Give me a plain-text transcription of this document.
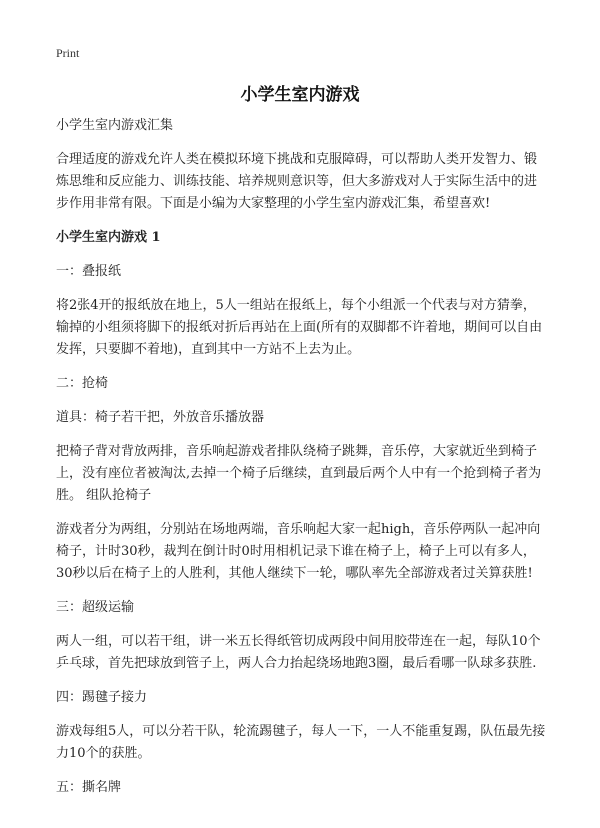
Print
小学生室内游戏

小学生室内游戏汇集

合理适度的游戏允许人类在模拟环境下挑战和克服障碍，可以帮助人类开发智力、锻炼思维和反应能力、训练技能、培养规则意识等，但大多游戏对人于实际生活中的进步作用非常有限。下面是小编为大家整理的小学生室内游戏汇集，希望喜欢!

小学生室内游戏 1

一：叠报纸

将2张4开的报纸放在地上，5人一组站在报纸上，每个小组派一个代表与对方猜拳，输掉的小组须将脚下的报纸对折后再站在上面(所有的双脚都不许着地，期间可以自由发挥，只要脚不着地)，直到其中一方站不上去为止。

二：抢椅

道具：椅子若干把，外放音乐播放器

把椅子背对背放两排，音乐响起游戏者排队绕椅子跳舞，音乐停，大家就近坐到椅子上，没有座位者被淘汰,去掉一个椅子后继续，直到最后两个人中有一个抢到椅子者为胜。 组队抢椅子

游戏者分为两组，分别站在场地两端，音乐响起大家一起high，音乐停两队一起冲向椅子，计时30秒，裁判在倒计时0时用相机记录下谁在椅子上，椅子上可以有多人，30秒以后在椅子上的人胜利，其他人继续下一轮，哪队率先全部游戏者过关算获胜!

三：超级运输

两人一组，可以若干组，讲一米五长得纸管切成两段中间用胶带连在一起，每队10个乒乓球，首先把球放到管子上，两人合力抬起绕场地跑3圈，最后看哪一队球多获胜.

四：踢毽子接力

游戏每组5人，可以分若干队，轮流踢毽子，每人一下，一人不能重复踢，队伍最先接力10个的获胜。

五：撕名牌
